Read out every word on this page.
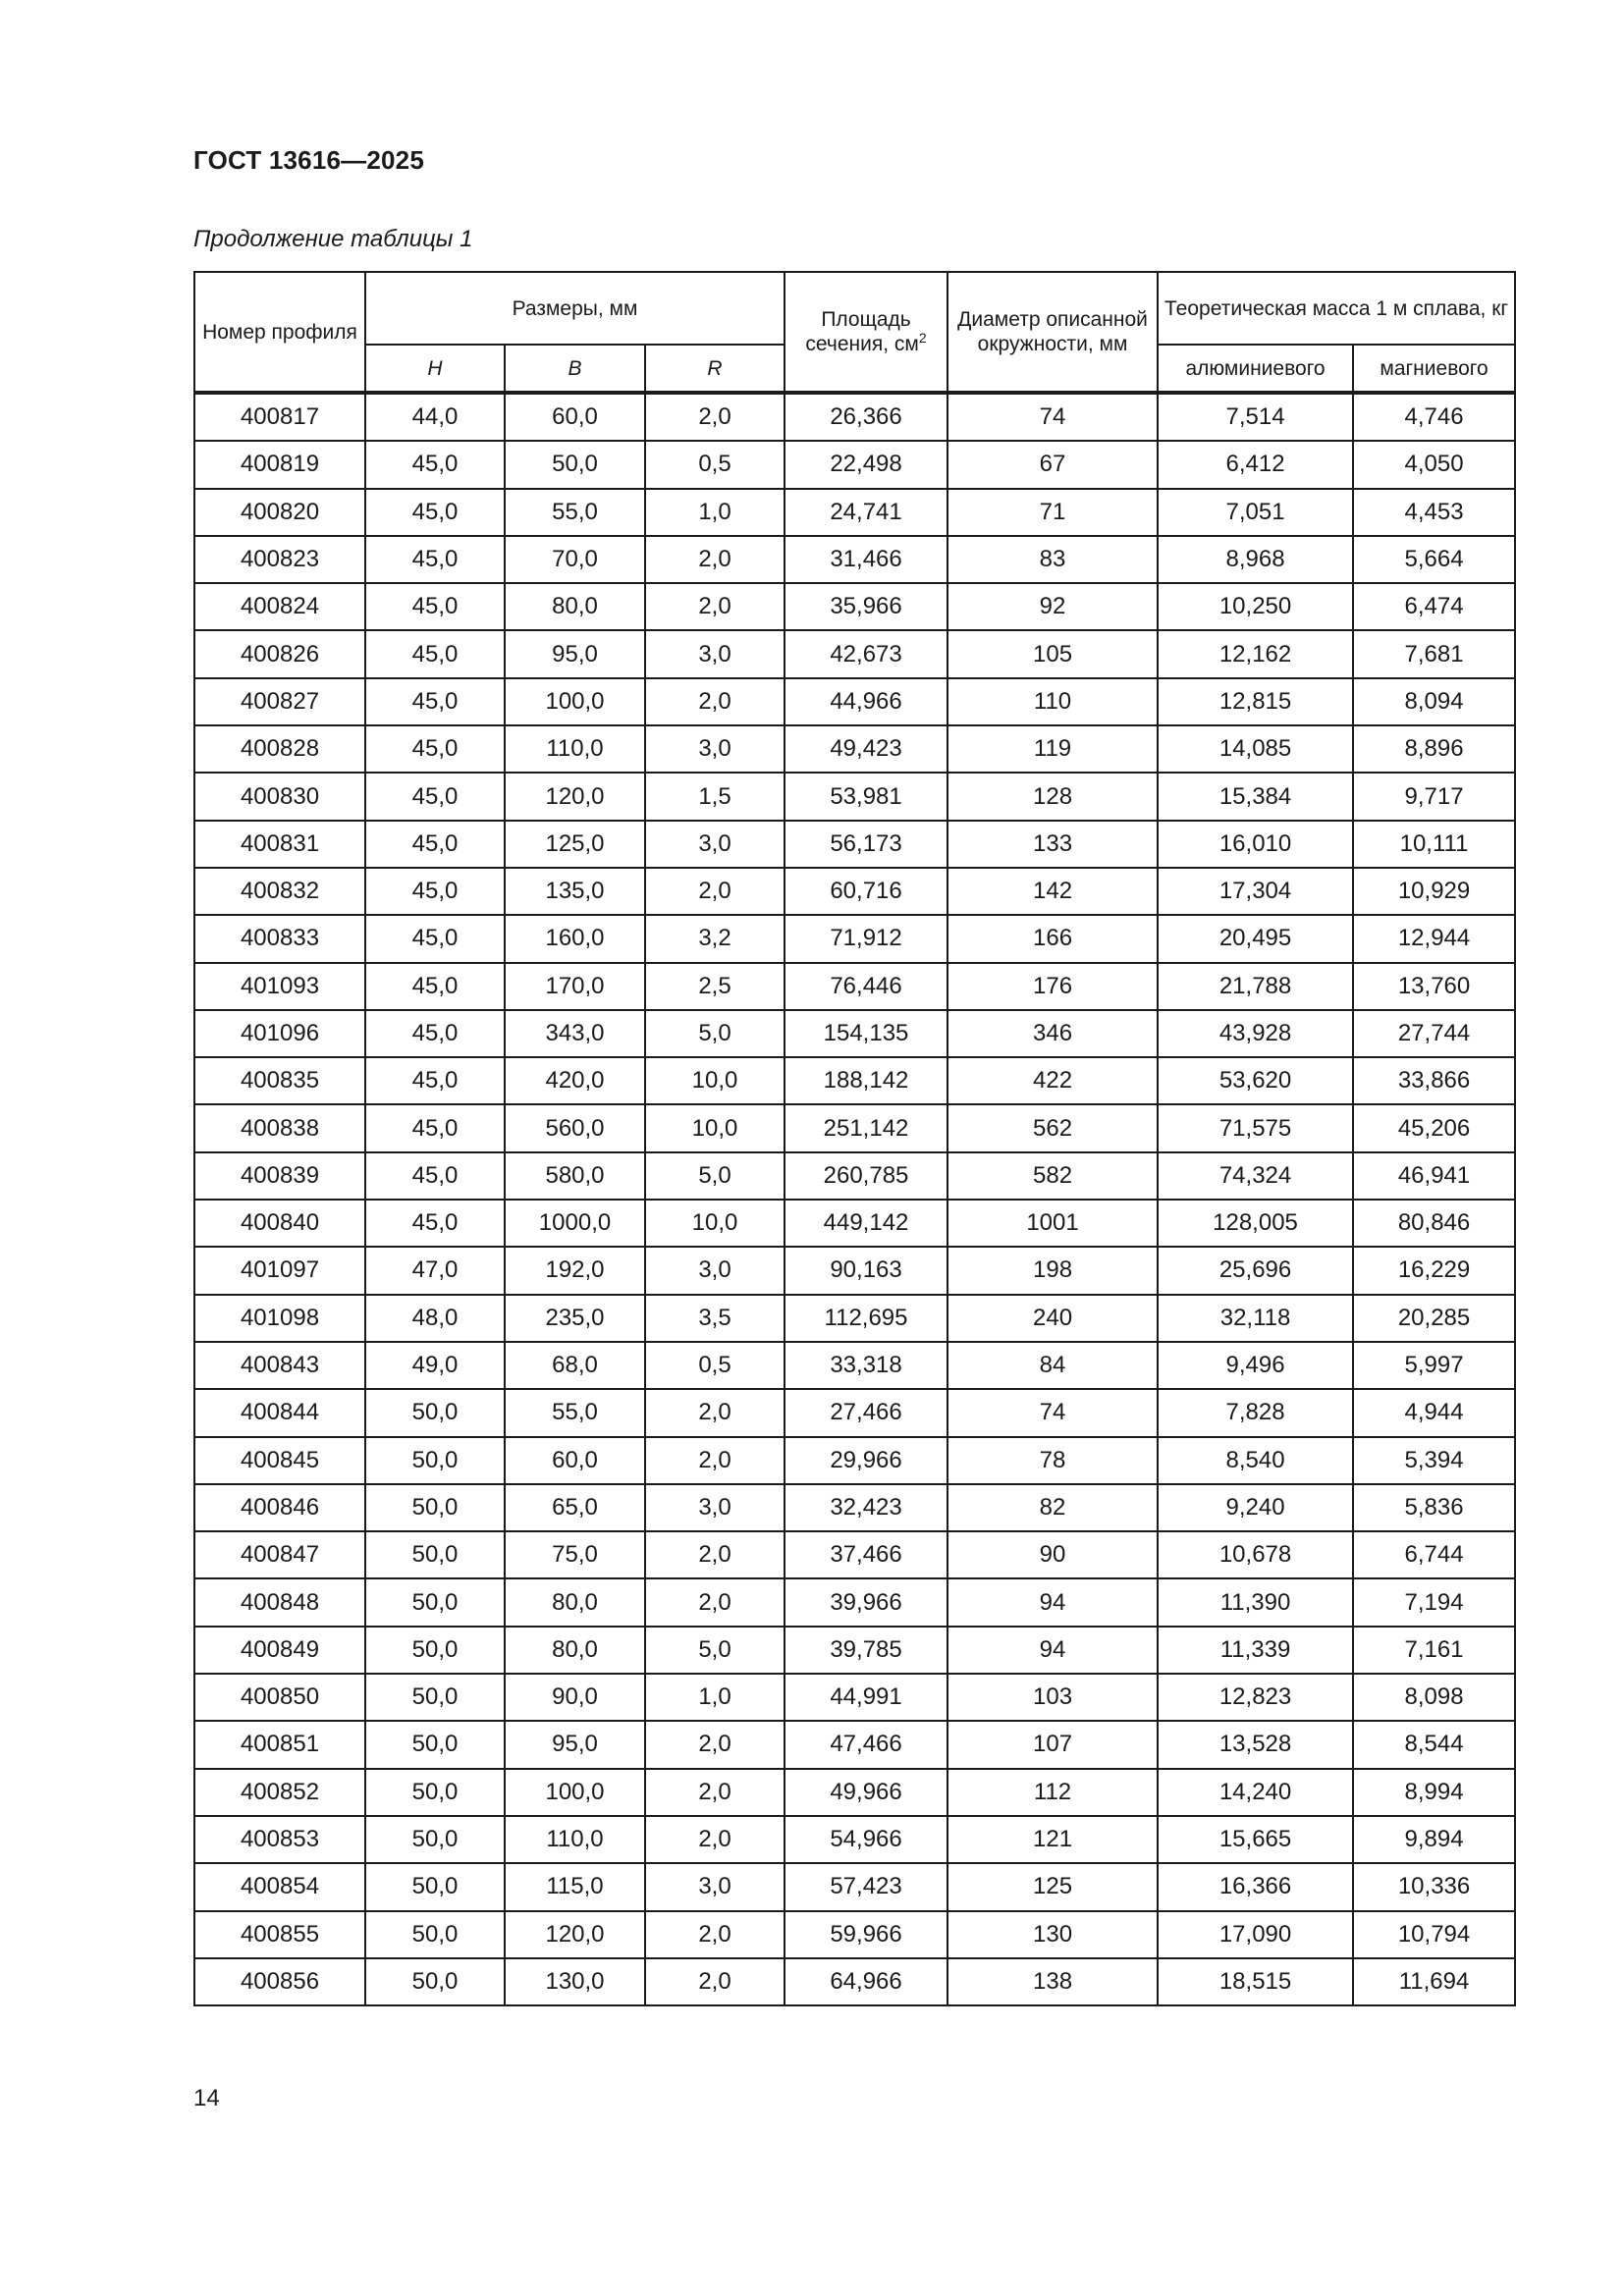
ГОСТ 13616—2025
Продолжение таблицы 1
Номер профиля	Размеры, мм			Площадь сечения, $см^2$	Диаметр описанной окружности, мм	Теоретическая масса 1 м сплава, кг	
	H	B	R			алюминиевого	магниевого
400817	44,0	60,0	2,0	26,366	74	7,514	4,746
400819	45,0	50,0	0,5	22,498	67	6,412	4,050
400820	45,0	55,0	1,0	24,741	71	7,051	4,453
400823	45,0	70,0	2,0	31,466	83	8,968	5,664
400824	45,0	80,0	2,0	35,966	92	10,250	6,474
400826	45,0	95,0	3,0	42,673	105	12,162	7,681
400827	45,0	100,0	2,0	44,966	110	12,815	8,094
400828	45,0	110,0	3,0	49,423	119	14,085	8,896
400830	45,0	120,0	1,5	53,981	128	15,384	9,717
400831	45,0	125,0	3,0	56,173	133	16,010	10,111
400832	45,0	135,0	2,0	60,716	142	17,304	10,929
400833	45,0	160,0	3,2	71,912	166	20,495	12,944
401093	45,0	170,0	2,5	76,446	176	21,788	13,760
401096	45,0	343,0	5,0	154,135	346	43,928	27,744
400835	45,0	420,0	10,0	188,142	422	53,620	33,866
400838	45,0	560,0	10,0	251,142	562	71,575	45,206
400839	45,0	580,0	5,0	260,785	582	74,324	46,941
400840	45,0	1000,0	10,0	449,142	1001	128,005	80,846
401097	47,0	192,0	3,0	90,163	198	25,696	16,229
401098	48,0	235,0	3,5	112,695	240	32,118	20,285
400843	49,0	68,0	0,5	33,318	84	9,496	5,997
400844	50,0	55,0	2,0	27,466	74	7,828	4,944
400845	50,0	60,0	2,0	29,966	78	8,540	5,394
400846	50,0	65,0	3,0	32,423	82	9,240	5,836
400847	50,0	75,0	2,0	37,466	90	10,678	6,744
400848	50,0	80,0	2,0	39,966	94	11,390	7,194
400849	50,0	80,0	5,0	39,785	94	11,339	7,161
400850	50,0	90,0	1,0	44,991	103	12,823	8,098
400851	50,0	95,0	2,0	47,466	107	13,528	8,544
400852	50,0	100,0	2,0	49,966	112	14,240	8,994
400853	50,0	110,0	2,0	54,966	121	15,665	9,894
400854	50,0	115,0	3,0	57,423	125	16,366	10,336
400855	50,0	120,0	2,0	59,966	130	17,090	10,794
400856	50,0	130,0	2,0	64,966	138	18,515	11,694
14
